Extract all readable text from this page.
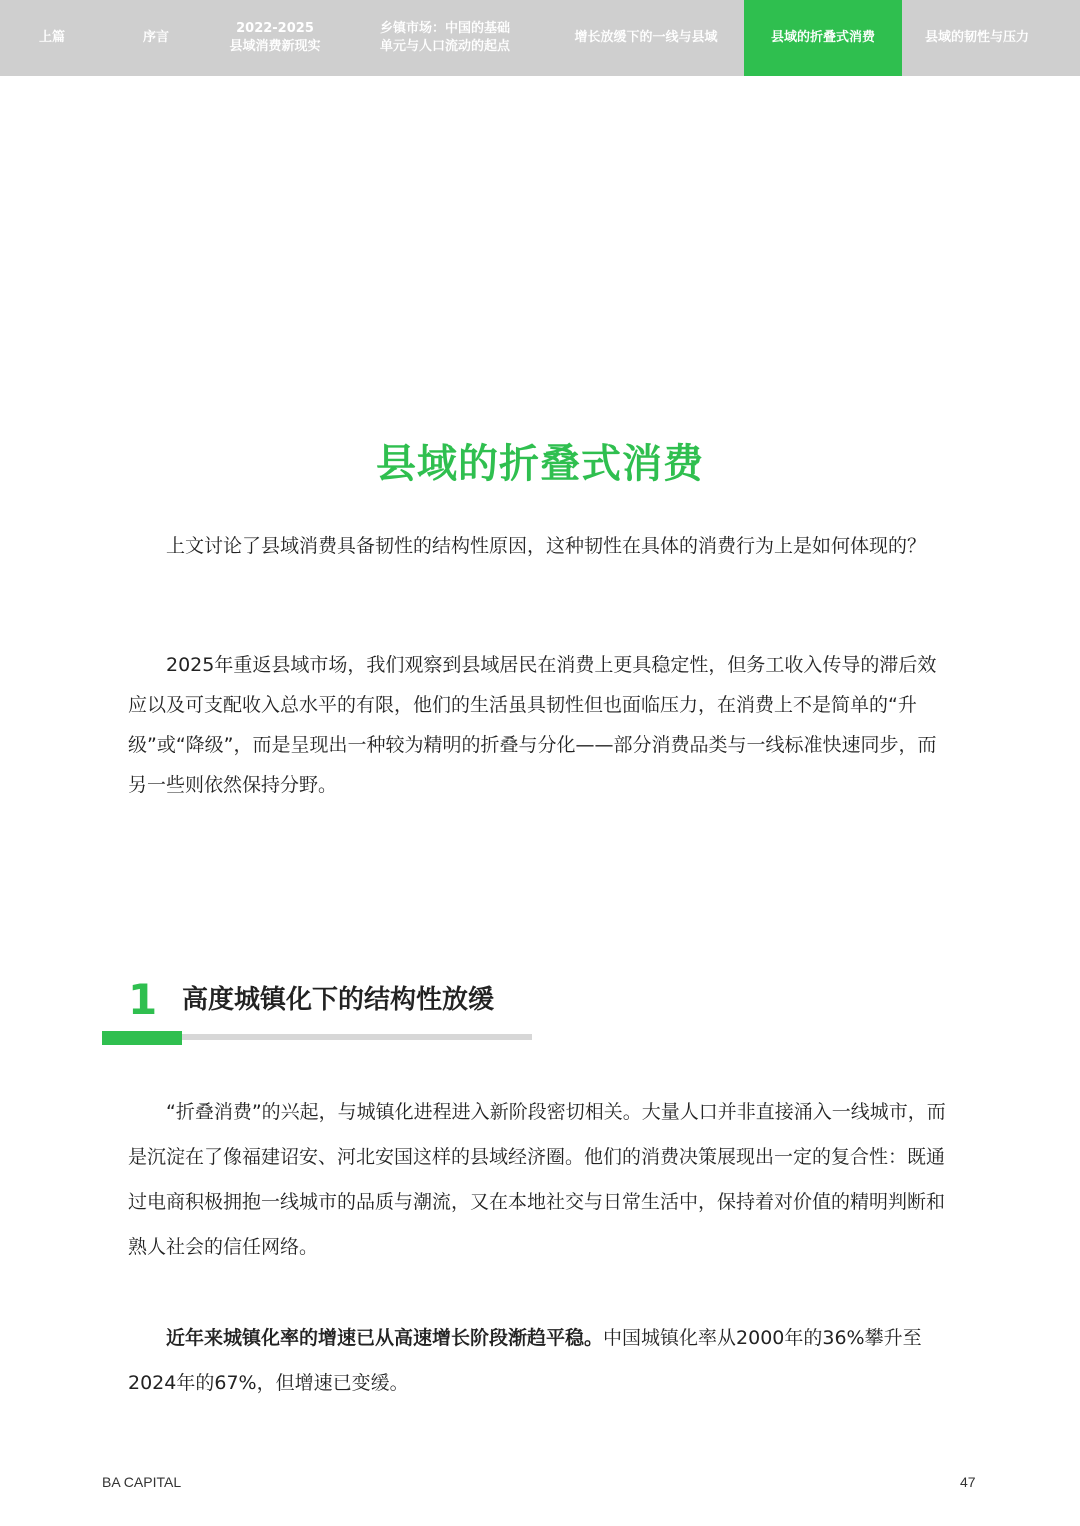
上篇	序言
2022-2025
县域消费新现实
乡镇市场：中国的基础
单元与人口流动的起点
增长放缓下的一线与县域	县域的折叠式消费	县域的韧性与压力
县域的折叠式消费

上文讨论了县域消费具备韧性的结构性原因，这种韧性在具体的消费行为上是如何体现的？

2025年重返县域市场，我们观察到县域居民在消费上更具稳定性，但务工收入传导的滞后效应以及可支配收入总水平的有限，他们的生活虽具韧性但也面临压力，在消费上不是简单的“升级”或“降级”，而是呈现出一种较为精明的折叠与分化——部分消费品类与一线标准快速同步，而另一些则依然保持分野。

1 高度城镇化下的结构性放缓

“折叠消费”的兴起，与城镇化进程进入新阶段密切相关。大量人口并非直接涌入一线城市，而是沉淀在了像福建诏安、河北安国这样的县域经济圈。他们的消费决策展现出一定的复合性：既通过电商积极拥抱一线城市的品质与潮流，又在本地社交与日常生活中，保持着对价值的精明判断和熟人社会的信任网络。

近年来城镇化率的增速已从高速增长阶段渐趋平稳。中国城镇化率从2000年的36%攀升至2024年的67%，但增速已变缓。

BA CAPITAL	47
